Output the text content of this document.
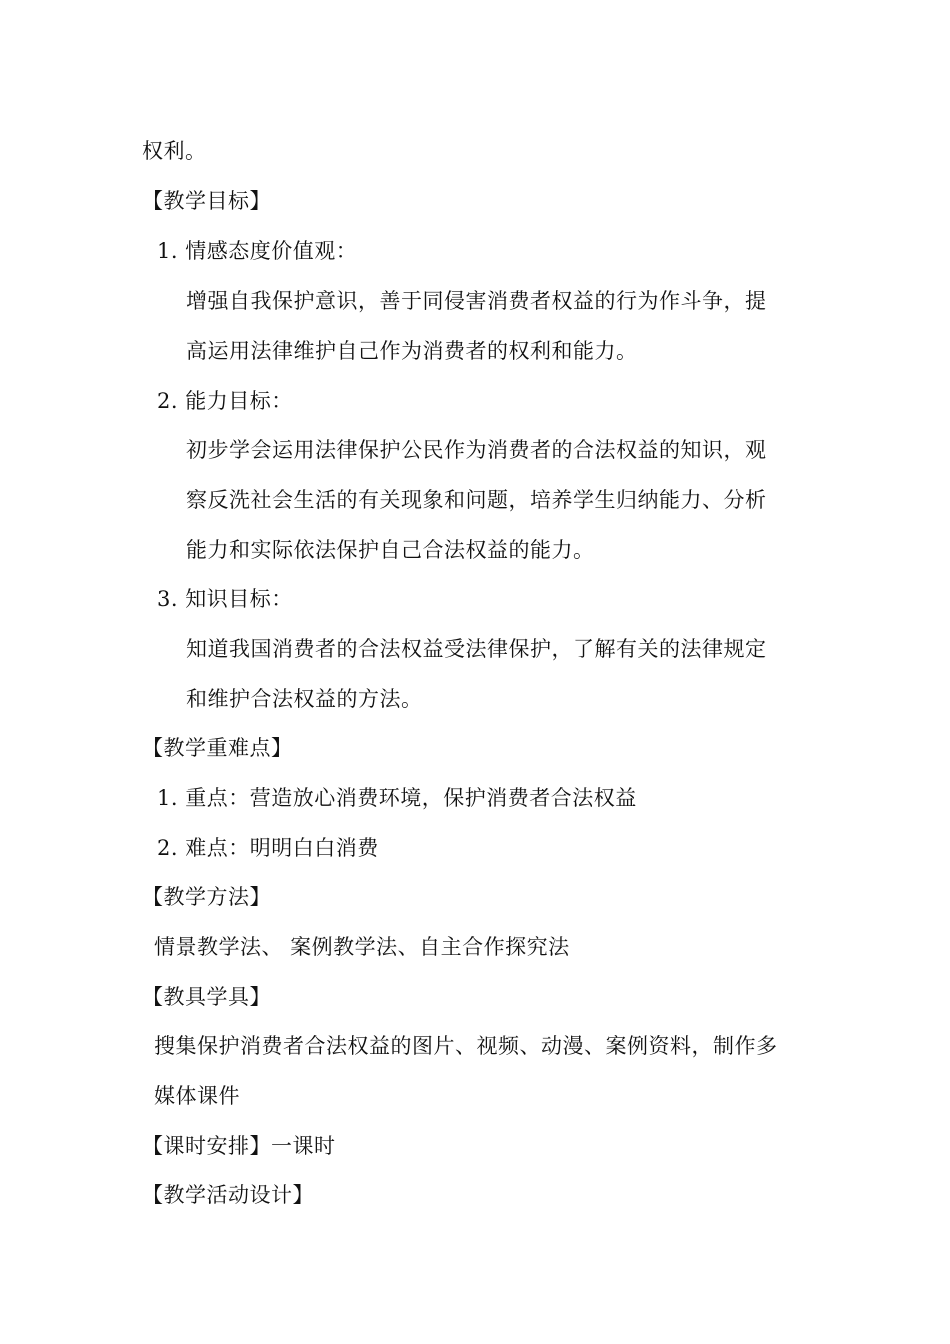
权利。
【教学目标】
1. 情感态度价值观：
增强自我保护意识，善于同侵害消费者权益的行为作斗争，提
高运用法律维护自己作为消费者的权利和能力。
2. 能力目标：
初步学会运用法律保护公民作为消费者的合法权益的知识，观
察反洗社会生活的有关现象和问题，培养学生归纳能力、分析
能力和实际依法保护自己合法权益的能力。
3. 知识目标：
知道我国消费者的合法权益受法律保护，了解有关的法律规定
和维护合法权益的方法。
【教学重难点】
1. 重点：营造放心消费环境，保护消费者合法权益
2. 难点：明明白白消费
【教学方法】
情景教学法、 案例教学法、自主合作探究法
【教具学具】
搜集保护消费者合法权益的图片、视频、动漫、案例资料，制作多
媒体课件
【课时安排】一课时
【教学活动设计】
